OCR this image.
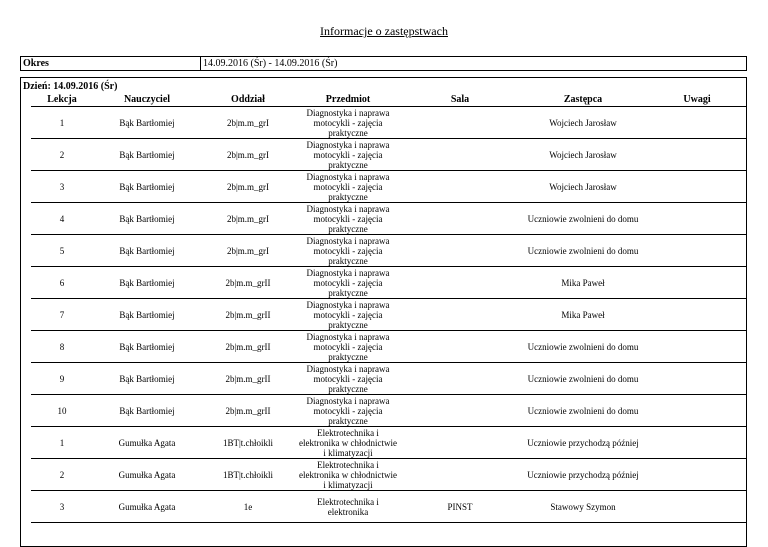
Informacje o zastępstwach
Okres	14.09.2016 (Śr) - 14.09.2016 (Śr)
Dzień: 14.09.2016 (Śr)
Lekcja	Nauczyciel	Oddział	Przedmiot	Sala	Zastępca	Uwagi
1	Bąk Bartłomiej	2b|m.m_grI	Diagnostyka i naprawa motocykli - zajęcia praktyczne		Wojciech Jarosław	
2	Bąk Bartłomiej	2b|m.m_grI	Diagnostyka i naprawa motocykli - zajęcia praktyczne		Wojciech Jarosław	
3	Bąk Bartłomiej	2b|m.m_grI	Diagnostyka i naprawa motocykli - zajęcia praktyczne		Wojciech Jarosław	
4	Bąk Bartłomiej	2b|m.m_grI	Diagnostyka i naprawa motocykli - zajęcia praktyczne		Uczniowie zwolnieni do domu	
5	Bąk Bartłomiej	2b|m.m_grI	Diagnostyka i naprawa motocykli - zajęcia praktyczne		Uczniowie zwolnieni do domu	
6	Bąk Bartłomiej	2b|m.m_grII	Diagnostyka i naprawa motocykli - zajęcia praktyczne		Mika Paweł	
7	Bąk Bartłomiej	2b|m.m_grII	Diagnostyka i naprawa motocykli - zajęcia praktyczne		Mika Paweł	
8	Bąk Bartłomiej	2b|m.m_grII	Diagnostyka i naprawa motocykli - zajęcia praktyczne		Uczniowie zwolnieni do domu	
9	Bąk Bartłomiej	2b|m.m_grII	Diagnostyka i naprawa motocykli - zajęcia praktyczne		Uczniowie zwolnieni do domu	
10	Bąk Bartłomiej	2b|m.m_grII	Diagnostyka i naprawa motocykli - zajęcia praktyczne		Uczniowie zwolnieni do domu	
1	Gumułka Agata	1BT|t.chłoikli	Elektrotechnika i elektronika w chłodnictwie i klimatyzacji		Uczniowie przychodzą później	
2	Gumułka Agata	1BT|t.chłoikli	Elektrotechnika i elektronika w chłodnictwie i klimatyzacji		Uczniowie przychodzą później	
3	Gumułka Agata	1e	Elektrotechnika i elektronika	PINST	Stawowy Szymon	
